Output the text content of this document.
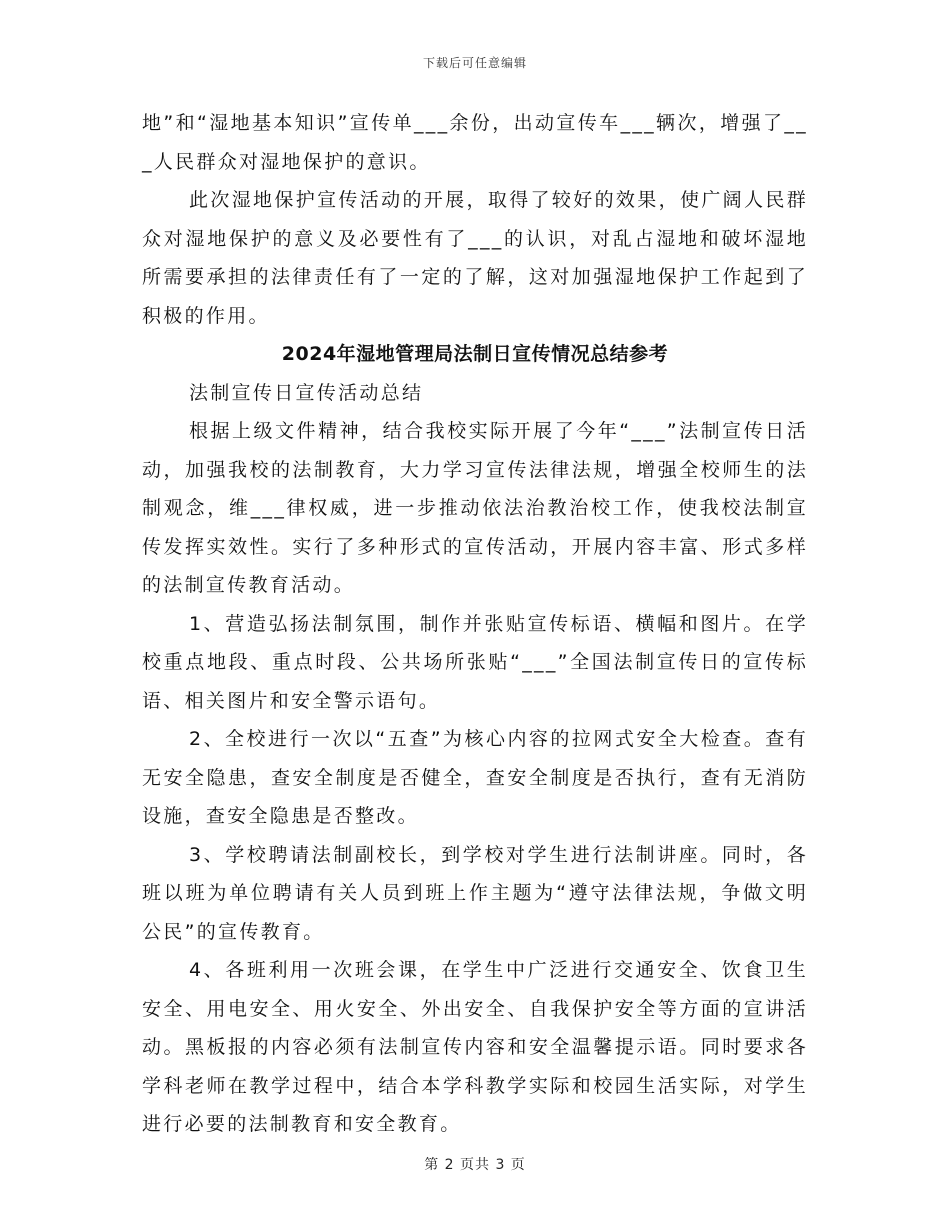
下载后可任意编辑

地”和“湿地基本知识”宣传单___余份，出动宣传车___辆次，增强了___人民群众对湿地保护的意识。

此次湿地保护宣传活动的开展，取得了较好的效果，使广阔人民群众对湿地保护的意义及必要性有了___的认识，对乱占湿地和破坏湿地所需要承担的法律责任有了一定的了解，这对加强湿地保护工作起到了积极的作用。

2024年湿地管理局法制日宣传情况总结参考

法制宣传日宣传活动总结

根据上级文件精神，结合我校实际开展了今年“___”法制宣传日活动，加强我校的法制教育，大力学习宣传法律法规，增强全校师生的法制观念，维___律权威，进一步推动依法治教治校工作，使我校法制宣传发挥实效性。实行了多种形式的宣传活动，开展内容丰富、形式多样的法制宣传教育活动。

1、营造弘扬法制氛围，制作并张贴宣传标语、横幅和图片。在学校重点地段、重点时段、公共场所张贴“___”全国法制宣传日的宣传标语、相关图片和安全警示语句。

2、全校进行一次以“五查”为核心内容的拉网式安全大检查。查有无安全隐患，查安全制度是否健全，查安全制度是否执行，查有无消防设施，查安全隐患是否整改。

3、学校聘请法制副校长，到学校对学生进行法制讲座。同时，各班以班为单位聘请有关人员到班上作主题为“遵守法律法规，争做文明公民”的宣传教育。

4、各班利用一次班会课，在学生中广泛进行交通安全、饮食卫生安全、用电安全、用火安全、外出安全、自我保护安全等方面的宣讲活动。黑板报的内容必须有法制宣传内容和安全温馨提示语。同时要求各学科老师在教学过程中，结合本学科教学实际和校园生活实际，对学生进行必要的法制教育和安全教育。

第 2 页共 3 页
